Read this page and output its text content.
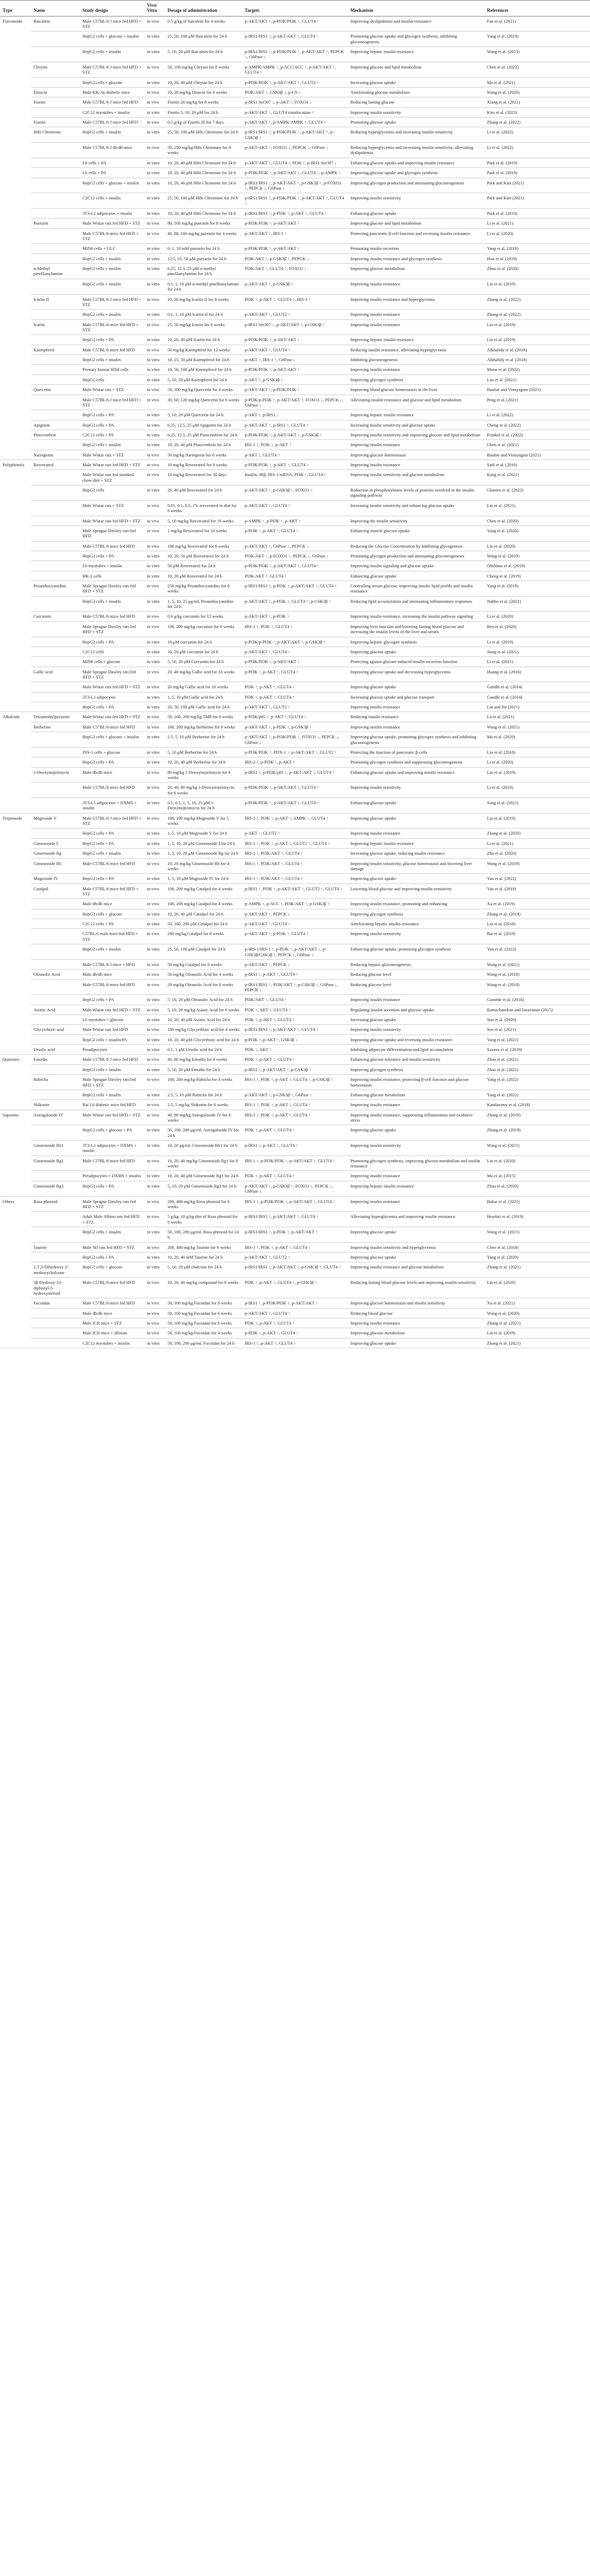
Type	Name	Study design	Vivo/ Vitro	Dosage of administration	Targets	Mechanism	References
Flavonoids	Baicalein	Male C57BL/6 J mice fed HFD + STZ	in vivo	0.5 g/kg of baicalein for 4 weeks	p-AKT/AKT ↑, p-PI3K/PI3K ↑, GLUT4 ↑	Improving dyslipidemia and insulin resistance	Fan et al. (2021)
		HepG2 cells + glucose + insulin	in vitro	25, 50, 100 μM Baicalein for 24 h	p-IRS1/IRS1 ↑, p-AKT/AKT ↑, GLUT4 ↑	Promoting glucose uptake and glycogen synthesis, inhibiting gluconeogenesis	Yang et al. (2019)
		HepG2 cells + insulin	in vitro	5, 10, 20 μM Baicalein for 24 h	p-IRS1/IRS1 ↑, p-PI3K/PI3K ↑, p-AKT/AKT ↑, PEPCK ↓, G6Pase ↓	Improving hepatic insulin resistance	Wang et al. (2023)
	Chrysin	Male C57BL/6 J mice fed HFD + STZ	in vivo	50, 100 mg/kg Chrysin for 8 weeks	p-AMPK/AMPK ↑, p-ACC/ACC ↑, p-AKT/AKT ↑, GLUT4 ↑	Improving glucose and lipid metabolism	Chen et al. (2022)
		HepG2 cells + glucose	in vitro	10, 20, 40 μM Chrysin for 24 h	p-PI3K/PI3K ↑, p-AKT/AKT ↑, GLUT2 ↑	Increasing glucose uptake	Ma et al. (2021)
	Dioscin	Male KK-Ay diabetic mice	in vivo	10, 20 mg/kg Dioscin for 8 weeks	PI3K/AKT ↑, GSK3β ↓, p-GS ↓	Ameliorating glucose metabolism	Wang et al. (2020)
	Fisetin	Male C57BL/6 J mice fed HFD	in vivo	Fisetin 20 mg/kg for 8 weeks	p-IRS1 Ser307 ↓, p-AKT ↑, FOXO1 ↓	Reducing fasting glucose	Xiang et al. (2021)
		C2C12 myotubes + insulin	in vitro	Fisetin 5, 10, 20 μM for 24 h	p-AKT/AKT ↑, GLUT4 translocation ↑	Improving insulin sensitivity	Kim et al. (2023)
	Fisetin	Male C57BL/6 J mice fed HFD	in vivo	0.5 g/kg of Fisetin 20 for 7 days	p-AKT/AKT ↑, p-AMPK/AMPK ↑, GLUT4 ↑	Promoting glucose uptake	Zhang et al. (2022)
	Hibi Chromone	HepG2 cells + insulin	in vitro	25, 50, 100 μM Hibi Chromone for 24 h	p-IRS1/IRS1 ↑, p-PI3K/PI3K ↑, p-AKT/AKT ↑, p-GSK3β ↑	Reducing hyperglycemia and increasing insulin sensitivity	Li et al. (2022)
		Male C57BL/6 J db/db mice	in vivo	50, 100 mg/kg Hibi Chromone for 6 weeks	p-AKT/AKT ↑, FOXO1 ↓, PEPCK ↓, G6Pase ↓	Reducing hyperglycemia and increasing insulin sensitivity, alleviating dyslipidemia	Li et al. (2022)
		L6 cells + PA	in vitro	10, 20, 40 μM Hibi Chromone for 24 h	p-AKT/AKT ↑, GLUT4 ↑, PI3K ↑, p-IRS1 Ser307 ↓	Enhancing glucose uptake and improving insulin resistance	Park et al. (2019)
		L6 cells + PA	in vitro	10, 20, 40 μM Hibi Chromone for 24 h	p-PI3K/PI3K ↑, p-AKT/AKT ↑, GLUT4 ↑, p-AMPK ↑	Improving glucose uptake and glycogen synthesis	Park et al. (2019)
		HepG2 cells + glucose + insulin	in vitro	10, 20, 40 μM Hibi Chromone for 24 h	p-IRS1/IRS1 ↑, p-AKT/AKT ↑, p-GSK3β ↑, p-FOXO1 ↑, PEPCK ↓, G6Pase ↓	Improving glycogen production and attenuating gluconeogenesis	Park and Kim (2021)
		C2C12 cells + insulin	in vitro	25, 50, 100 μM Hibi Chromone for 24 h	p-IRS1/IRS1 ↑, p-PI3K/PI3K ↑, p-AKT/AKT ↑, GLUT4 ↑	Improving insulin sensitivity	Park and Kim (2021)
		3T3-L1 adipocytes + insulin	in vitro	10, 20, 40 μM Hibi Chromone for 24 h	p-IRS1/IRS1 ↑, p-PI3K ↑, p-AKT ↑, GLUT4 ↑	Enhancing glucose uptake	Park et al. (2019)
	Puerarin	Male Wistar rats fed HFD + STZ	in vivo	80, 160 mg/kg puerarin for 8 weeks	p-PI3K/PI3K ↑, p-AKT/AKT ↑	Improving glucose and lipid metabolism	Li et al. (2021)
		Male C57BL/6 mice fed HFD + STZ	in vivo	40, 80, 160 mg/kg puerarin for 4 weeks	p-AKT/AKT ↑, IRS-1 ↑	Protecting pancreatic β-cell function and reversing insulin resistance	Li et al. (2020)
		MIN6 cells + GLC	in vitro	0, 1, 10 mM puerarin for 24 h	p-PI3K/PI3K ↑, p-AKT/AKT ↑	Promoting insulin secretion	Yang et al. (2018)
		HepG2 cells + insulin	in vitro	12.5, 25, 50 μM puerarin for 24 h	PI3K/AKT ↑, p-GSK3β ↑, PEPCK ↓	Improving insulin resistance and glycogen synthesis	Hou et al. (2018)
	α-Methyl pinellianylamine	HepG2 cells + insulin	in vitro	6.25, 12.5, 25 μM α-methyl pinellianylamine for 24 h	PI3K/AKT ↑, GLUT4 ↑, FOXO1 ↓	Improving glucose metabolism	Zhou et al. (2020)
		HepG2 cells + insulin	in vitro	0.1, 1, 10 μM α-methyl pinellianylamine for 24 h	p-AKT/AKT ↑, p-GSK3β ↑	Improving insulin resistance	Liu et al. (2019)
	Icariin II	Male C57BL/6 J mice fed HFD + STZ	in vivo	10, 30 mg/kg Icariin II for 8 weeks	PI3K ↑, p-AKT ↑, GLUT4 ↑, IRS-1 ↑	Improving insulin resistance and hyperglycemia	Zhang et al. (2022)
		HepG2 cells + insulin	in vitro	0.1, 1, 10 μM Icariin II for 24 h	p-AKT/AKT ↑, GLUT2 ↑	Improving insulin resistance	Zhang et al. (2022)
	Icariin	Male C57BL/6 mice fed HFD + STZ	in vivo	25, 50 mg/kg Icariin for 6 weeks	p-IRS1 Ser307 ↓, p-AKT/AKT ↑, p-GSK3β ↑	Improving insulin resistance	Liu et al. (2019)
		HepG2 cells + PA	in vitro	10, 20, 40 μM Icariin for 24 h	p-PI3K/PI3K ↑, p-AKT/AKT ↑	Improving hepatic insulin resistance	Liu et al. (2019)
	Kaempferol	Male C57BL/6 mice fed HFD	in vivo	50 mg/kg Kaempferol for 12 weeks	p-AKT/AKT ↑, GLUT4 ↑	Reducing insulin resistance, alleviating hyperglycemia	Alkhalidy et al. (2018)
		HepG2 cells + insulin	in vitro	10, 25, 50 μM Kaempferol for 24 h	p-AKT ↑, IRS-1 ↑, G6Pase ↓	Inhibiting gluconeogenesis	Alkhalidy et al. (2018)
		Primary human HSH cells	in vitro	10, 50, 100 μM Kaempferol for 24 h	p-PI3K/PI3K ↑, p-AKT/AKT ↑	Improving insulin resistance	Moon et al. (2022)
		HepG2 cells	in vitro	5, 10, 20 μM Kaempferol for 24 h	p-AKT ↑, p-GSK3β ↑	Improving glycogen synthesis	Luo et al. (2021)
	Quercetin	Male Wistar rats + STZ	in vivo	50, 100 mg/kg Quercetin for 4 weeks	p-AKT/AKT ↑, p-PI3K/PI3K ↑	Improving blood glucose homeostasis in the liver	Bauhar and Vinayagam (2021)
		Male C57BL/6 J mice fed HFD + STZ	in vivo	30, 60, 120 mg/kg Quercetin for 8 weeks	p-PI3K/p-PI3K ↑, p-AKT/AKT ↑, FOXO1 ↓, PEPCK ↓, G6Pase ↓	Alleviating insulin resistance and glucose and lipid metabolism	Peng et al. (2021)
		HepG2 cells + PA	in vitro	5, 10, 20 μM Quercetin for 24 h	p-AKT ↑, p-IRS1 ↑	Improving hepatic insulin resistance	Li et al. (2022)
	Apigenin	HepG2 cells + PA	in vitro	6.25, 12.5, 25 μM Apigenin for 24 h	p-AKT/AKT ↑, p-IRS1 ↑, GLUT4 ↑	Increasing insulin sensitivity and glucose uptake	Cheng et al. (2022)
	Pinocembrin	C2C12 cells + PA	in vitro	6.25, 12.5, 25 μM Pinocembrin for 24 h	p-PI3K/PI3K ↑, p-AKT/AKT ↑, p-GSK3β ↑	Improving insulin sensitivity and improving glucose and lipid metabolism	Frankel et al. (2022)
		HepG2 cells + insulin	in vitro	10, 20, 40 μM Pinocembrin for 24 h	IRS-1 ↑, PI3K ↑, p-AKT ↑	Improving insulin resistance	Chen et al. (2021)
	Naringenin	Male Wistar rats + STZ	in vivo	50 mg/kg Naringenin for 6 weeks	p-AKT ↑, GLUT4 ↑	Improving glucose homeostasis	Bauhar and Vinayagam (2021)
Polyphenols	Resveratrol	Male Wistar rats fed HFD + STZ	in vivo	10 mg/kg Resveratrol for 8 weeks	p-PI3K/PI3K ↑, p-AKT ↑, GLUT4 ↑	Improving insulin resistance	Sadi et al. (2016)
		Male Wistar rats fed standard chow diet + STZ	in vivo	10 mg/kg Resveratrol for 30 days	Insulin, IRβ, IRS-1 mRNA, PI3K ↑, GLUT4 ↑	Improving insulin sensitivity and glucose metabolism	Kang et al. (2021)
		HepG2 cells	in vitro	20, 40 μM Resveratrol for 24 h	p-AKT/AKT ↑, p-GSK3β ↑, FOXO1 ↓	Reduction in phosphorylation levels of proteins involved in the insulin signaling pathway	Ghanim et al. (2022)
		Male Wistar rats + STZ	in vivo	0.01, 0.1, 0.5, 1% resveratrol in diet for 6 weeks	p-AKT/AKT ↑, GLUT4 ↑	Increasing insulin sensitivity and enhancing glucose uptake	Liu et al. (2021)
		Male Wistar rats fed HFD + STZ	in vivo	5, 10 mg/kg Resveratrol for 16 weeks	p-AMPK ↑, p-PI3K ↑, p-AKT ↑	Improving the insulin sensitivity	Chen et al. (2020)
		Male Sprague Dawley rats fed HFD	in vivo	1 mg/kg Resveratrol for 10 weeks	p-PI3K ↑, p-AKT ↑, GLUT4 ↑	Enhancing muscle glucose uptake	Yang et al. (2020)
		Male C57BL/6 mice fed HFD	in vivo	100 mg/kg Resveratrol for 8 weeks	p-AKT/AKT ↑, G6Pase ↓, PEPCK ↓	Reducing the Glucose Concentration by Inhibiting glycogenesis	Liu et al. (2020)
		HepG2 cells + PA	in vitro	10, 20, 50 μM Resveratrol for 24 h	PI3K/AKT ↑, p-FOXO1 ↑, PEPCK ↓, G6Pase ↓	Promoting glycogen production and attenuating gluconeogenesis	Wang et al. (2019)
		L6 myotubes + insulin	in vitro	50 μM Resveratrol for 24 h	p-PI3K/PI3K ↑, p-AKT/AKT ↑, GLUT4 ↑	Improving insulin signaling and glucose uptake	Ohshima et al. (2018)
		HK-2 cells	in vitro	10, 20 μM Resveratrol for 24 h	PI3K/AKT ↑, GLUT4 ↑	Enhancing glucose uptake	Cheng et al. (2019)
	Proanthocyanidins	Male Sprague Dawley rats fed HFD + STZ	in vivo	250 mg/kg Proanthocyanidins for 8 weeks	p-IRS1/IRS1 ↑, p-PI3K ↑, p-AKT/AKT ↑, GLUT4 ↑	Controlling serum glucose, improving insulin lipid profile and insulin resistance	Yang et al. (2018)
		HepG2 cells + insulin	in vitro	1, 5, 10, 25 μg/mL Proanthocyanidins for 24 h	p-AKT/AKT ↑, p-PI3K ↑, GLUT4 ↑, p-GSK3β ↑	Reducing lipid accumulation and attenuating inflammatory responses	Nabbo et al. (2021)
	Curcumin	Male C57BL/6 mice fed HFD	in vivo	0.6 g/kg curcumin for 12 weeks	p-AKT/AKT ↑, p-PI3K ↑	Improving insulin resistance, increasing the insulin pathway signaling	Li et al. (2020)
		Male Sprague Dawley rats fed HFD + STZ	in vivo	100, 200 mg/kg curcumin for 6 weeks	IRS-1 ↑, PI3K ↑, GLUT4 ↑	Improving liver function and lowering fasting blood glucose and increasing the insulin levels of the liver and serum	Ren et al. (2020)
		HepG2 cells + PA	in vitro	10 μM curcumin for 24 h	p-PI3K/p-PI3K ↑, p-AKT/AKT ↑, p-GSK3β ↑	Improving hepatic glycogen synthesis	Li et al. (2019)
		C2C12 cells	in vitro	10, 20 μM curcumin for 24 h	p-AKT/AKT ↑, GLUT4 ↑	Improving glucose uptake	Jiang et al. (2021)
		MIN6 cells + glucose	in vitro	5, 10, 20 μM Curcumin for 24 h	p-PI3K/PI3K ↑, p-AKT/AKT ↑	Protecting against glucose-induced insulin secretion function	Li et al. (2021)
	Gallic acid	Male Sprague Dawley rats fed HFD + STZ	in vivo	20, 40 mg/kg Gallic acid for 16 weeks	p-PI3K ↑, p-AKT ↑, GLUT4 ↑	Improving glucose uptake and decreasing hyperglycemia	Huang et al. (2016)
		Male Wistar rats fed HFD + STZ	in vivo	20 mg/kg Gallic acid for 16 weeks	PI3K ↑, p-AKT ↑, GLUT4 ↑	Improving glucose uptake	Gandhi et al. (2014)
		3T3-L1 adipocytes	in vitro	1, 5, 10 μM Gallic acid for 24 h	PI3K ↑, p-AKT ↑, GLUT4 ↑	Increasing glucose uptake and glucose transport	Gandhi et al. (2014)
		HepG2 cells + PA	in vitro	20, 50, 100 μM Gallic acid for 24 h	p-AKT/AKT ↑, GLUT2 ↑	Improving insulin resistance	Liu and Jin (2021)
Alkaloids	Tetramethylpyrazine	Male Wistar rats fed HFD + STZ	in vivo	50, 100, 200 mg/kg TMP for 8 weeks	p-PI3K/p85 ↑, p-AKT ↑, GLUT4 ↑	Reducing insulin resistance	Lu et al. (2021)
	Berberine	Male C57BL/6 mice fed HFD	in vivo	100, 200 mg/kg Berberine for 8 weeks	p-AKT/AKT ↑, p-PI3K ↑, p-GSK3β ↑	Improving insulin resistance	Wang et al. (2021)
		HepG2 cells + glucose + insulin	in vitro	2.5, 5, 10 μM Berberine for 24 h	p-AKT/AKT ↑, p-PI3K/PI3K ↑, FOXO1 ↓, PEPCK ↓, G6Pase ↓	Improving glucose uptake, promoting glycogen synthesis and inhibiting gluconeogenesis	Ma et al. (2020)
		INS-1 cells + glucose	in vitro	5, 10 μM Berberine for 24 h	p-PI3K/PI3K ↑, PDX-1 ↑, p-AKT/AKT ↑, GLUT2 ↑	Protecting the function of pancreatic β-cells	Liu et al. (2018)
		HepG2 cells + PA	in vitro	10, 20, 40 μM Berberine for 24 h	IRS-2 ↑, p-PI3K ↑, p-AKT ↑	Promoting glycogen synthesis and suppressing gluconeogenesis	Li et al. (2020)
	1-Deoxynojirimycin	Male db/db mice	in vivo	80 mg/kg 1-Deoxynojirimycin for 4 weeks	p-IRS1 ↑, p-PI3K/p85 ↑, p-AKT/AKT ↑, GLUT4 ↑	Enhancing glucose uptake and improving insulin resistance	Liu et al. (2019)
		Male C57BL/6 mice fed HFD	in vivo	20, 40, 80 mg/kg 1-Deoxynojirimycin for 8 weeks	p-PI3K/PI3K ↑, p-AKT/AKT ↑, GLUT4 ↑	Improving insulin sensitivity	Li et al. (2018)
		3T3-L1 adipocytes + DXMS + insulin	in vitro	0.1, 0.5, 1, 5, 10, 25 μM 1-Deoxynojirimycin for 24 h	p-PI3K/PI3K ↑, p-AKT/AKT ↑, GLUT4 ↑	Enhancing glucose uptake	Song et al. (2021)
Terpenoids	Mogroside V	Male C57BL/6 J mice fed HFD + STZ	in vivo	100, 200 mg/kg Mogroside V for 5 weeks	IRS-1 ↑, PI3K ↑, p-AKT ↑, AMPK ↑, GLUT4 ↑	Improving glucose uptake	Liu et al. (2019)
		HepG2 cells + PA	in vitro	1, 5, 10 μM Mogroside V for 24 h	p-AKT ↑, GLUT2 ↑	Improving insulin resistance	Zhang et al. (2020)
	Ginsenoside Ⅰ	HepG2 cells + PA	in vitro	1, 5, 10, 20 μM Ginsenoside Ⅰ for 24 h	IRS-1 ↑, PI3K ↑, p-AKT ↑, GLUT2 ↑, GLUT4 ↑	Improving hepatic insulin resistance	Li et al. (2021)
	Ginsenoside Rg	HepG2 cells + insulin	in vitro	1, 5, 10, 20 μM Ginsenoside Rg for 24 h	IRS-1 ↑, PI3K/AKT ↑, GLUT4 ↑	Increasing glucose uptake, reducing insulin resistance	Zhu et al. (2020)
	Ginsenoside Rb	Male C57BL/6 mice fed HFD	in vivo	10, 20 mg/kg Ginsenoside Rb for 4 weeks	IRS-1 ↑, PI3K/AKT ↑, GLUT4 ↑	Improving insulin sensitivity, glucose homeostasis and lowering liver damage	Wang et al. (2019)
	Mogroside IV	HepG2 cells + PA	in vitro	1, 5, 10 μM Mogroside IV for 24 h	IRS-1 ↑, PI3K/AKT ↑, GLUT4 ↑	Improving glucose uptake	Yan et al. (2022)
	Catalpol	Male C57BL/6 mice fed HFD + STZ	in vivo	100, 200 mg/kg Catalpol for 4 weeks	p-IRS1 ↑, PI3K ↑, p-AKT/AKT ↑, GLUT2 ↑, GLUT4 ↑	Lowering blood glucose and improving insulin sensitivity	Yan et al. (2018)
		Male db/db mice	in vivo	100, 200 mg/kg Catalpol for 4 weeks	p-AMPK ↑, p-ACC ↑, PI3K/AKT ↑, p-GSK3β ↑	Improving insulin resistance, promoting and enhancing	Xu et al. (2019)
		HepG2 cells + glucose	in vitro	10, 20, 40 μM Catalpol for 24 h	p-AKT/AKT ↑, PEPCK ↓	Improving glycogen synthesis	Zhang et al. (2019)
		C2C12 cells + PA	in vitro	50, 100, 200 μM Catalpol for 24 h	p-AKT/AKT ↑, GLUT4 ↑	Ameliorating hepatic insulin resistance	Liu et al. (2018)
		C57BL/6 male mice fed HFD + STZ	in vivo	200 mg/kg Catalpol for 8 weeks	p-AKT/AKT ↑, p-PI3K ↑, GLUT4 ↑	Improving insulin sensitivity	Bai et al. (2019)
		HepG2 cells + insulin	in vitro	25, 50, 100 μM Catalpol for 24 h	p-IRS-1/IRS-1 ↑, p-PI3K ↑, p-AKT/AKT ↑, p-GSK3β/GSK3β ↑, PEPCK ↓, G6Pase ↓	Enhancing glucose uptake, promoting glycogen synthesis	Yan et al. (2022)
		Male C57BL/6 J mice + HFD	in vivo	50 mg/kg Catalpol for 8 weeks	p-AKT/AKT ↑, PEPCK ↓	Reducing hepatic gluconeogenesis	Wang et al. (2021)
	Oleanolic Acid	Male db/db mice	in vivo	50 mg/kg Oleanolic Acid for 4 weeks	p-IRS1 ↑, p-AKT ↑, GLUT4 ↑	Reducing glucose level	Wang et al. (2018)
		Male C57BL/6 mice fed HFD	in vivo	20 mg/kg Oleanolic Acid for 8 weeks	p-IRS1/IRS1 ↑, PI3K/AKT ↑, p-GSK3β ↑, G6Pase ↓, PEPCK ↓	Reducing glucose level	Wang et al. (2018)
		HepG2 cells + PA	in vitro	5, 10, 20 μM Oleanolic Acid for 24 h	PI3K/AKT ↑, GLUT4 ↑	Improving insulin resistance	Gamede et al. (2018)
	Asiatic Acid	Male Wistar rats fed HFD + STZ	in vivo	5, 10, 20 mg/kg Asiatic Acid for 6 weeks	PI3K ↑, AKT ↑, GLUT4 ↑	Regulating insulin secretion and glucose uptake	Ramachandran and Saravanan (2015)
		L6 myotubes + glucose	in vitro	10, 20, 40 μM Asiatic Acid for 24 h	PI3K ↑, p-AKT ↑, GLUT4 ↑	Increasing glucose uptake	Sun et al. (2020)
	Glycyrrhizic acid	Male Wistar rats fed HFD	in vivo	100 mg/kg Glycyrrhizic acid for 4 weeks	p-IRS1/IRS1 ↑, p-AKT/AKT ↑, GLUT4 ↑	Improving insulin sensitivity	Sen et al. (2021)
		HepG2 cells + insulin/PA	in vitro	10, 20, 40 μM Glycyrrhizic acid for 24 h	p-PI3K ↑, p-AKT ↑, GSK3β ↓	Improving glucose uptake and reversing insulin resistance	Yang et al. (2021)
	Ursolic acid	Preadipocytes	in vitro	0.1, 1 μM Ursolic acid for 24 h	PI3K ↑, AKT ↑	Inhibiting adipocyte differentiation and lipid accumulation	Saxena et al. (2019)
Quinones	Emodin	Male C57BL/6 J mice fed HFD	in vivo	40, 80 mg/kg Emodin for 8 weeks	PI3K ↑, p-AKT ↑, GLUT4 ↑	Enhancing glucose tolerance and insulin sensitivity	Zhao et al. (2021)
		HepG2 cells + insulin	in vitro	5, 10, 20 μM Emodin for 24 h	p-IRS1 ↑, p-AKT/AKT ↑, p-GSK3β ↑	Improving glycogen synthesis	Zhao et al. (2021)
	Rubicha	Male Sprague Dawley rats fed HFD + STZ	in vivo	100, 200 mg/kg Rubicha for 4 weeks	IRS-1 ↑, PI3K ↑, p-AKT ↑, GLUT4 ↑, p-GSK3β ↑	Improving insulin resistance, protecting β-cell function and glucose homeostasis	Yang et al. (2022)
		HepG2 cells + insulin	in vitro	2.5, 5, 10 μM Rubicha for 24 h	p-AKT/AKT ↑, p-GSK3β ↑, G6Pase ↓	Enhancing glucose metabolism	Yang et al. (2022)
	Shikonin	Rat L6 diabetic mice fed HFD	in vivo	2.5, 5 mg/kg Shikonin for 6 weeks	IRS-1 ↑, PI3K ↑, p-AKT ↑, GLUT4 ↑	Improving insulin resistance	Kandasamy et al. (2018)
Saponins	Astragaloside IV	Male Wistar rats fed HFD + STZ	in vivo	40, 80 mg/kg Astragaloside IV for 8 weeks	IRS-1 ↑, PI3K ↑, p-AKT ↑, GLUT4 ↑	Improving insulin resistance, suppressing inflammation and oxidative stress	Zhang et al. (2019)
		HepG2 cells + glucose + PA	in vitro	50, 100, 200 μg/mL Astragaloside IV for 24 h	PI3K ↑, p-AKT ↑, GLUT4 ↑	Improving glucose uptake	Zhang et al. (2019)
	Ginsenoside Rh1	3T3-L1 adipocytes + DXMS + insulin	in vitro	10, 20 μg/mL Ginsenoside Rh1 for 24 h	p-IRS1 ↑, p-AKT ↑, GLUT4 ↑	Improving insulin sensitivity	Wang et al. (2021)
	Ginsenoside Rg1	Male C57BL/6 mice fed HFD	in vivo	10, 20, 40 mg/kg Ginsenoside Rg1 for 8 weeks	IRS-1 ↑, p-PI3K/PI3K ↑, p-AKT/AKT ↑, GLUT4 ↑	Promoting glycogen synthesis, improving glucose metabolism and insulin resistance	Liu et al. (2020)
		Preadipocytes + DXMS + insulin	in vitro	10, 20, 40 μM Ginsenoside Rg1 for 24 h	PI3K ↑, p-AKT ↑, GLUT4 ↑	Improving insulin resistance	Mu et al. (2015)
	Ginsenoside Rg3	HepG2 cells + PA	in vitro	5, 10, 20 μM Ginsenoside Rg3 for 24 h	p-AKT/AKT ↑, p-GSK3β ↑, FOXO1 ↓, PEPCK ↓, G6Pase ↓	Improving hepatic insulin resistance	Zhao et al. (2020)
Others	Rosa phenoid	Male Sprague Dawley rats fed HFD + STZ	in vivo	200, 400 mg/kg Rosa phenoid for 6 weeks	IRS-1 ↑, p-PI3K/PI3K ↑, p-AKT/AKT ↑, GLUT4 ↑	Improving insulin resistance	Bahar et al. (2021)
		Adult Male Albino rats fed HFD + STZ	in vivo	5 g/kg, 10 g/kg diet of Rosa phenoid for 6 weeks	p-IRS1/IRS1 ↑, p-AKT/AKT ↑, GLUT4 ↑	Alleviating hyperglycemia and improving insulin resistance	Heydari et al. (2019)
		HepG2 cells + insulin	in vitro	50, 100, 200 μg/mL Rosa phenoid for 24 h	p-IRS1/IRS1 ↑, p-PI3K ↑, p-AKT/AKT ↑	Improving glucose uptake	Wang et al. (2021)
	Taurine	Male SD rats fed HFD + STZ	in vivo	200, 400 mg/kg Taurine for 8 weeks	IRS-1 ↑, PI3K ↑, p-AKT ↑, GLUT4 ↑	Improving insulin sensitivity and hyperglycemia	Chen et al. (2018)
		HepG2 cells + PA	in vitro	10, 20, 40 mM Taurine for 24 h	p-AKT/AKT ↑, GLUT2 ↑	Improving glucose uptake	Yang et al. (2020)
	2,3',5-Dihydroxy-2'-methoxychalcone	HepG2 cells + glucose	in vitro	5, 10, 20 μM chalcone for 24 h	p-IRS1/IRS1 ↑, p-AKT/AKT ↑, p-GSK3β ↑, GLUT4 ↑	Improving insulin resistance and glucose metabolism	Zhang et al. (2021)
	3β-Hydroxy-12-diphenyl-5-hydroxysteroid	Male C57BL/6 mice fed HFD	in vivo	10, 20, 40 mg/kg compound for 8 weeks	PI3K ↑, p-AKT ↑, GLUT4 ↑, p-GSK3β ↑	Reducing fasting blood glucose levels and improving insulin sensitivity	Liu et al. (2020)
	Fucoidan	Male C57BL/6 mice fed HFD	in vivo	50, 100 mg/kg Fucoidan for 8 weeks	p-IRS1 ↑, p-PI3K/PI3K ↑, p-AKT/AKT ↑	Improving glucose homeostasis and insulin sensitivity	Xu et al. (2021)
		Male db/db mice	in vivo	50, 100 mg/kg Fucoidan for 6 weeks	p-AKT/AKT ↑, GLUT4 ↑	Reducing blood glucose	Wang et al. (2020)
		Male ICR mice + STZ	in vivo	50, 100 mg/kg Fucoidan for 6 weeks	PI3K ↑, p-AKT ↑, GLUT4 ↑	Improving insulin resistance	Zhang et al. (2021)
		Male ICR mice + alloxan	in vivo	50, 100 mg/kg Fucoidan for 4 weeks	p-PI3K ↑, p-AKT ↑, GLUT4 ↑	Improving glucose metabolism	Lin et al. (2019)
		C2C12 myotubes + insulin	in vitro	50, 100, 200 μg/mL Fucoidan for 24 h	IRS-1 ↑, p-AKT ↑, GLUT4 ↑	Improving glucose uptake	Zhang et al. (2021)
